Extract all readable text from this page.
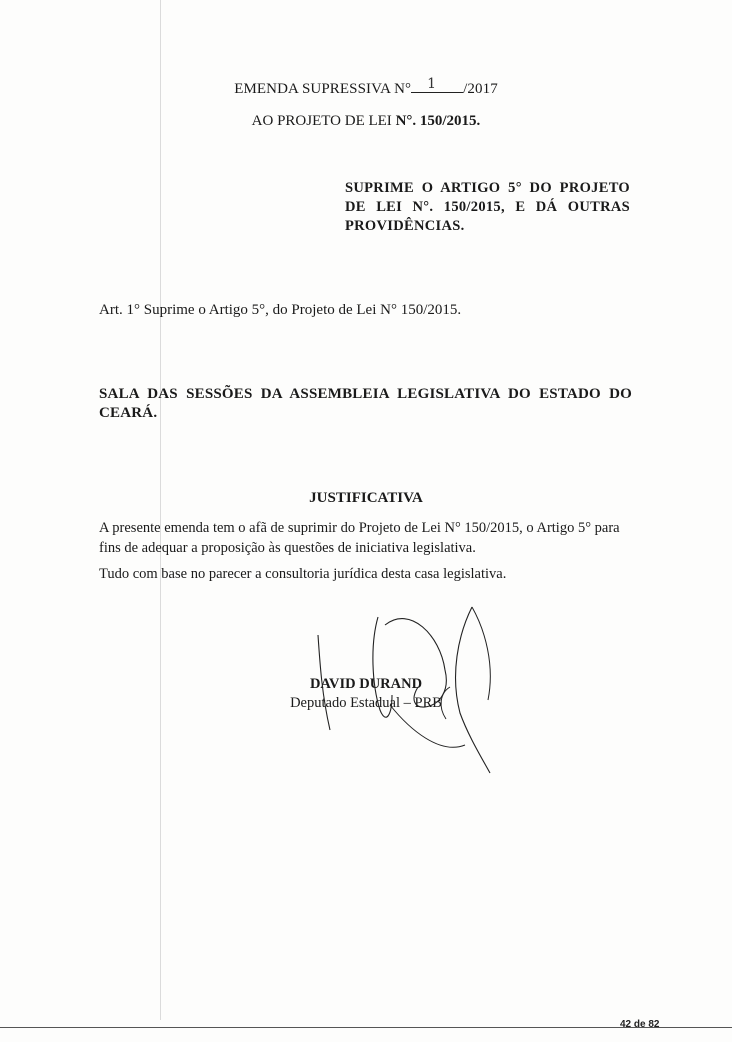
EMENDA SUPRESSIVA N° 1 /2017
AO PROJETO DE LEI N°. 150/2015.
SUPRIME O ARTIGO 5° DO PROJETO DE LEI N°. 150/2015, E DÁ OUTRAS PROVIDÊNCIAS.
Art. 1° Suprime o Artigo 5°, do Projeto de Lei N° 150/2015.
SALA DAS SESSÕES DA ASSEMBLEIA LEGISLATIVA DO ESTADO DO CEARÁ.
JUSTIFICATIVA
A presente emenda tem o afã de suprimir do Projeto de Lei N° 150/2015, o Artigo 5° para fins de adequar a proposição às questões de iniciativa legislativa.
Tudo com base no parecer a consultoria jurídica desta casa legislativa.
DAVID DURAND
Deputado Estadual – PRB
42 de 82
